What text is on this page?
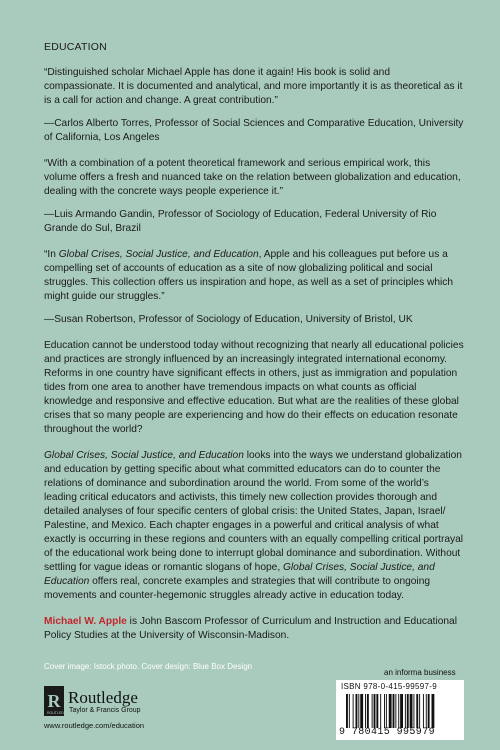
EDUCATION

“Distinguished scholar Michael Apple has done it again! His book is solid and compassionate. It is documented and analytical, and more importantly it is as theoretical as it is a call for action and change. A great contribution.”

—Carlos Alberto Torres, Professor of Social Sciences and Comparative Education, University of California, Los Angeles

“With a combination of a potent theoretical framework and serious empirical work, this volume offers a fresh and nuanced take on the relation between globalization and education, dealing with the concrete ways people experience it.”

—Luis Armando Gandin, Professor of Sociology of Education, Federal University of Rio Grande do Sul, Brazil

“In Global Crises, Social Justice, and Education, Apple and his colleagues put before us a compelling set of accounts of education as a site of now globalizing political and social struggles. This collection offers us inspiration and hope, as well as a set of principles which might guide our struggles.”

—Susan Robertson, Professor of Sociology of Education, University of Bristol, UK

Education cannot be understood today without recognizing that nearly all educational policies and practices are strongly influenced by an increasingly integrated international economy. Reforms in one country have significant effects in others, just as immigration and population tides from one area to another have tremendous impacts on what counts as official knowledge and responsive and effective education. But what are the realities of these global crises that so many people are experiencing and how do their effects on education resonate throughout the world?

Global Crises, Social Justice, and Education looks into the ways we understand globalization and education by getting specific about what committed educators can do to counter the relations of dominance and subordination around the world. From some of the world’s leading critical educators and activists, this timely new collection provides thorough and detailed analyses of four specific centers of global crisis: the United States, Japan, Israel/ Palestine, and Mexico. Each chapter engages in a powerful and critical analysis of what exactly is occurring in these regions and counters with an equally compelling critical portrayal of the educational work being done to interrupt global dominance and subordination. Without settling for vague ideas or romantic slogans of hope, Global Crises, Social Justice, and Education offers real, concrete examples and strategies that will contribute to ongoing movements and counter-hegemonic struggles already active in education today.

Michael W. Apple is John Bascom Professor of Curriculum and Instruction and Educational Policy Studies at the University of Wisconsin-Madison.

Cover image: Istock photo. Cover design: Blue Box Design
R
ROUTLEDGE
Routledge
Taylor & Francis Group
www.routledge.com/education
an informa business
ISBN 978-0-415-99597-9
9 780415 995979
